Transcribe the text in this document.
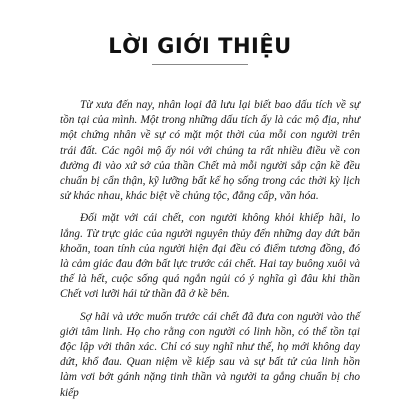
LỜI GIỚI THIỆU

Từ xưa đến nay, nhân loại đã lưu lại biết bao dấu tích về sự tồn tại của mình. Một trong những dấu tích ấy là các mộ địa, như một chứng nhân về sự có mặt một thời của mỗi con người trên trái đất. Các ngôi mộ ấy nói với chúng ta rất nhiều điều về con đường đi vào xứ sở của thần Chết mà mỗi người sắp cận kề đều chuẩn bị cẩn thận, kỹ lưỡng bất kể họ sống trong các thời kỳ lịch sử khác nhau, khác biệt về chủng tộc, đẳng cấp, văn hóa.

Đối mặt với cái chết, con người không khỏi khiếp hãi, lo lắng. Từ trực giác của người nguyên thủy đến những day dứt băn khoăn, toan tính của người hiện đại đều có điểm tương đồng, đó là cảm giác đau đớn bất lực trước cái chết. Hai tay buông xuôi và thế là hết, cuộc sống quá ngắn ngủi có ý nghĩa gì đâu khi thần Chết vơi lưỡi hái tử thần đã ở kề bên.

Sợ hãi và ước muốn trước cái chết đã đưa con người vào thế giới tâm linh. Họ cho rằng con người có linh hồn, có thể tồn tại độc lập với thân xác. Chỉ có suy nghĩ như thế, họ mới không day dứt, khổ đau. Quan niệm về kiếp sau và sự bất tử của linh hồn làm vơi bớt gánh nặng tinh thần và người ta gắng chuẩn bị cho kiếp
